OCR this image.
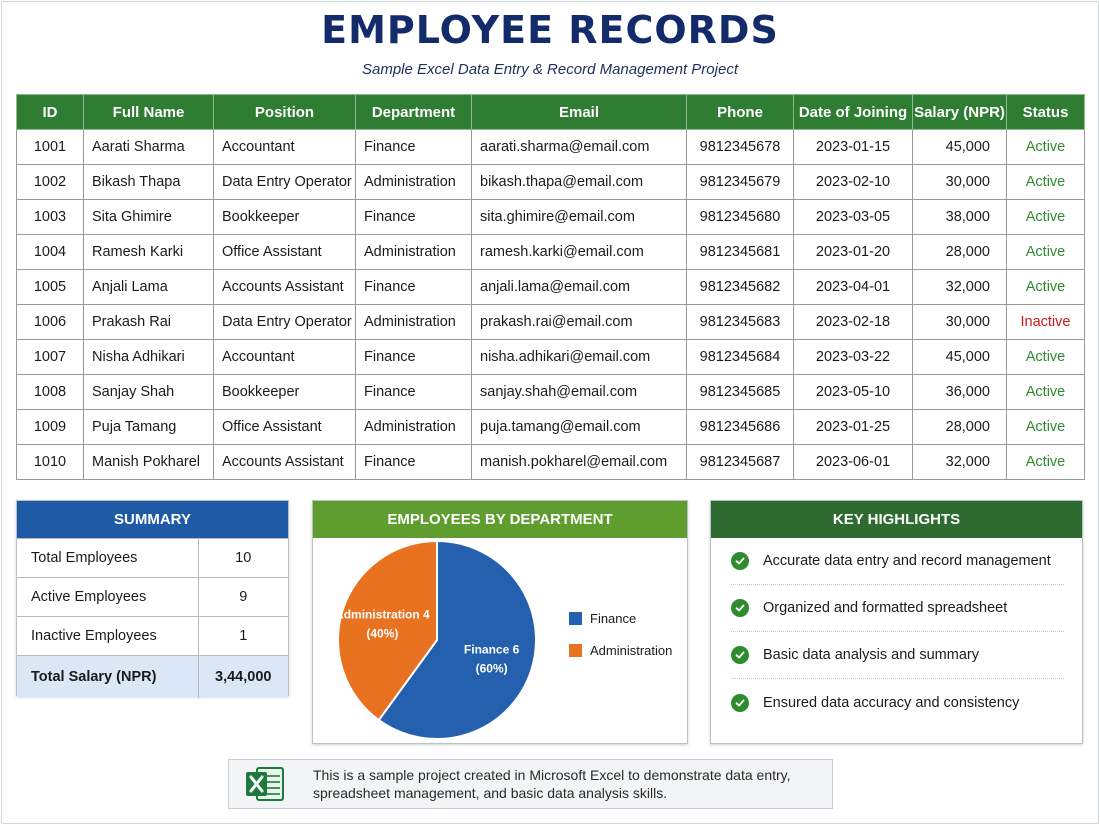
EMPLOYEE RECORDS
Sample Excel Data Entry & Record Management Project
ID	Full Name	Position	Department	Email	Phone	Date of Joining	Salary (NPR)	Status
1001	Aarati Sharma	Accountant	Finance	aarati.sharma@email.com	9812345678	2023-01-15	45,000	Active
1002	Bikash Thapa	Data Entry Operator	Administration	bikash.thapa@email.com	9812345679	2023-02-10	30,000	Active
1003	Sita Ghimire	Bookkeeper	Finance	sita.ghimire@email.com	9812345680	2023-03-05	38,000	Active
1004	Ramesh Karki	Office Assistant	Administration	ramesh.karki@email.com	9812345681	2023-01-20	28,000	Active
1005	Anjali Lama	Accounts Assistant	Finance	anjali.lama@email.com	9812345682	2023-04-01	32,000	Active
1006	Prakash Rai	Data Entry Operator	Administration	prakash.rai@email.com	9812345683	2023-02-18	30,000	Inactive
1007	Nisha Adhikari	Accountant	Finance	nisha.adhikari@email.com	9812345684	2023-03-22	45,000	Active
1008	Sanjay Shah	Bookkeeper	Finance	sanjay.shah@email.com	9812345685	2023-05-10	36,000	Active
1009	Puja Tamang	Office Assistant	Administration	puja.tamang@email.com	9812345686	2023-01-25	28,000	Active
1010	Manish Pokharel	Accounts Assistant	Finance	manish.pokharel@email.com	9812345687	2023-06-01	32,000	Active
SUMMARY
Total Employees	10
Active Employees	9
Inactive Employees	1
Total Salary (NPR)	3,44,000
EMPLOYEES BY DEPARTMENT
Finance 6
(60%)
Administration 4
(40%)
Finance
Administration
KEY HIGHLIGHTS
Accurate data entry and record management
Organized and formatted spreadsheet
Basic data analysis and summary
Ensured data accuracy and consistency
This is a sample project created in Microsoft Excel to demonstrate data entry,
spreadsheet management, and basic data analysis skills.
